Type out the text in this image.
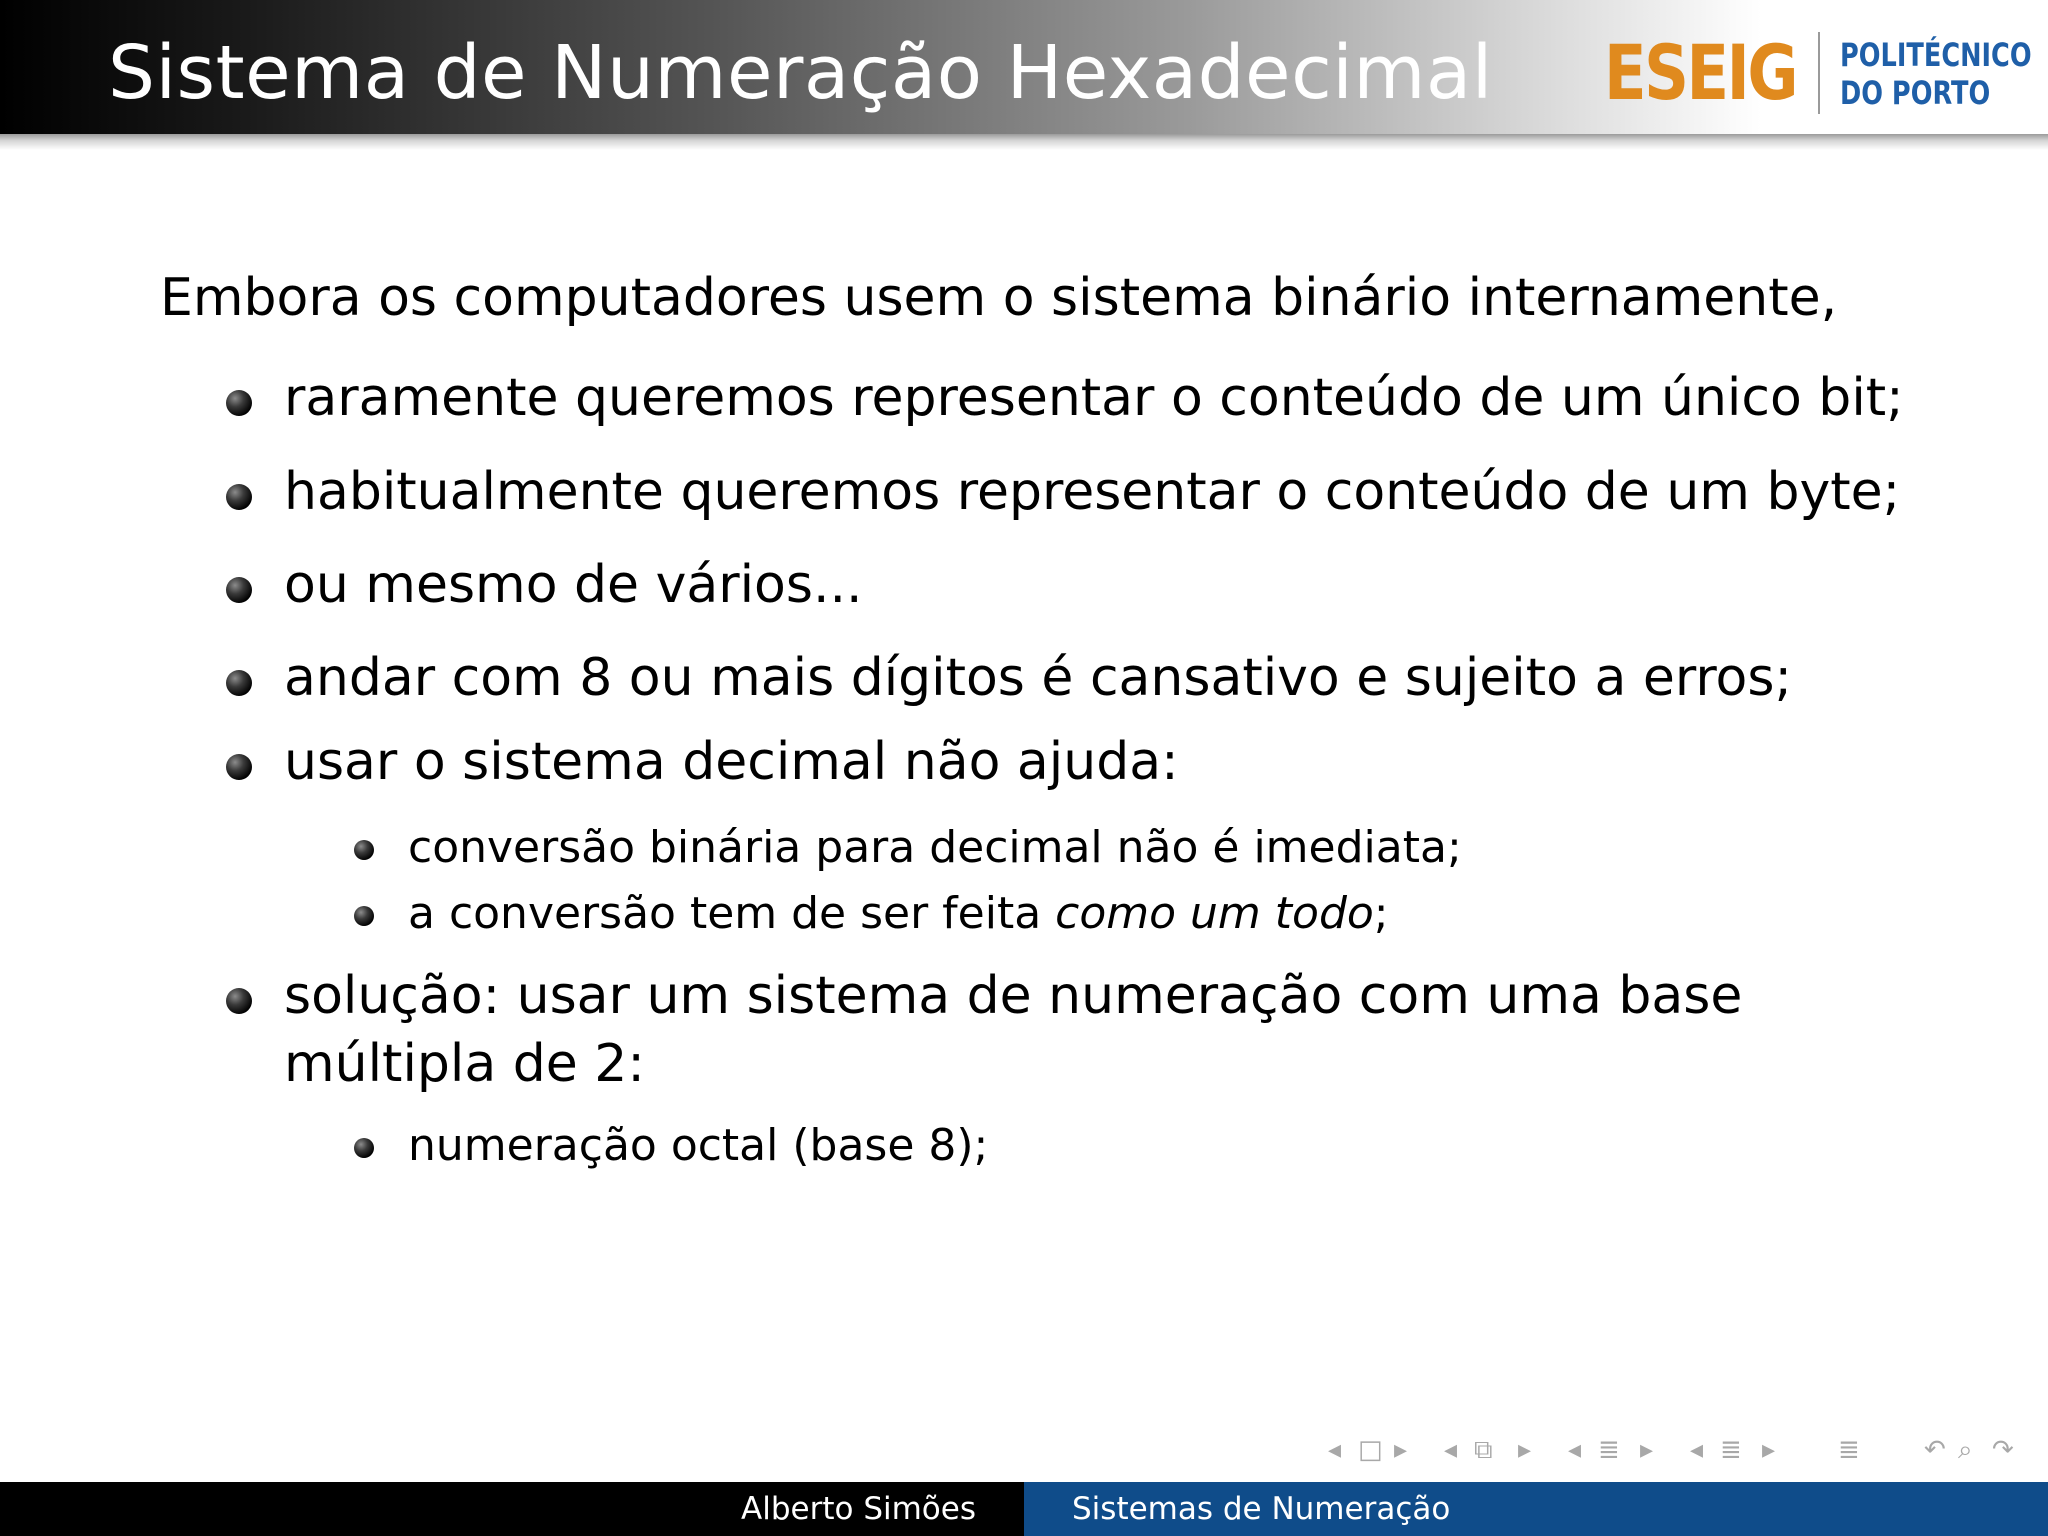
Sistema de Numeração Hexadecimal ESEIG POLITÉCNICO
DO PORTO
Embora os computadores usem o sistema binário internamente,
raramente queremos representar o conteúdo de um único bit;
habitualmente queremos representar o conteúdo de um byte;
ou mesmo de vários...
andar com 8 ou mais dígitos é cansativo e sujeito a erros;
usar o sistema decimal não ajuda:
conversão binária para decimal não é imediata;
a conversão tem de ser feita como um todo;
solução: usar um sistema de numeração com uma base
múltipla de 2:
numeração octal (base 8);
◂ □ ▸ ◂ ⧉ ▸ ◂ ≣ ▸ ◂ ≣ ▸ ≣ ↶ ⌕ ↷
Alberto Simões	Sistemas de Numeração
